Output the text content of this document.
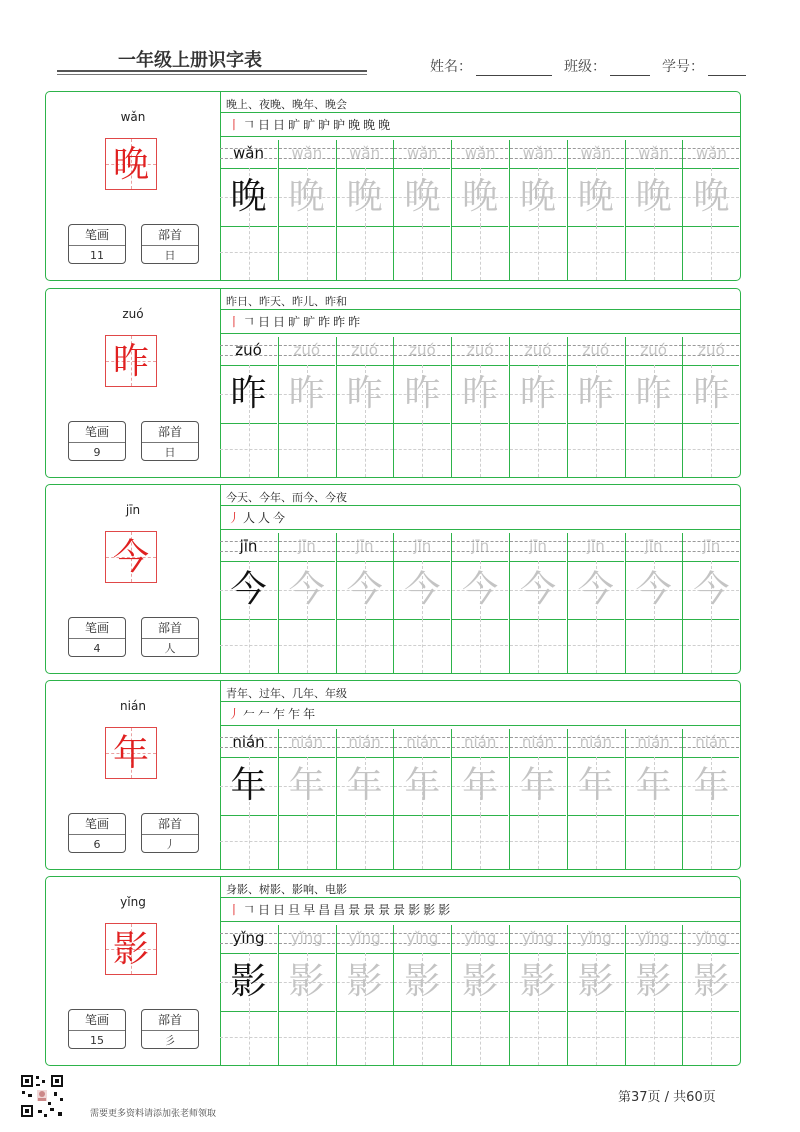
一年级上册识字表	姓名：	班级：	学号：
wǎn
晚
笔画
11
部首
日
晚上、夜晚、晚年、晚会
丨 𠃍 日 日 旷 旷 昈 昈 晚 晚 晚
wǎn
晚
wǎn
晚
wǎn
晚
wǎn
晚
wǎn
晚
wǎn
晚
wǎn
晚
wǎn
晚
wǎn
晚
zuó
昨
笔画
9
部首
日
昨日、昨天、昨儿、昨和
丨 𠃍 日 日 旷 旷 昨 昨 昨
zuó
昨
zuó
昨
zuó
昨
zuó
昨
zuó
昨
zuó
昨
zuó
昨
zuó
昨
zuó
昨
jīn
今
笔画
4
部首
人
今天、今年、而今、今夜
丿 人 人 今
jīn
今
jīn
今
jīn
今
jīn
今
jīn
今
jīn
今
jīn
今
jīn
今
jīn
今
nián
年
笔画
6
部首
丿
青年、过年、几年、年级
丿 𠂉 𠂉 乍 乍 年
nián
年
nián
年
nián
年
nián
年
nián
年
nián
年
nián
年
nián
年
nián
年
yǐng
影
笔画
15
部首
彡
身影、树影、影响、电影
丨 𠃍 日 日 旦 早 昌 昌 景 景 景 景 影 影 影
yǐng
影
yǐng
影
yǐng
影
yǐng
影
yǐng
影
yǐng
影
yǐng
影
yǐng
影
yǐng
影
需要更多资料请添加张老师领取
第37页 / 共60页
